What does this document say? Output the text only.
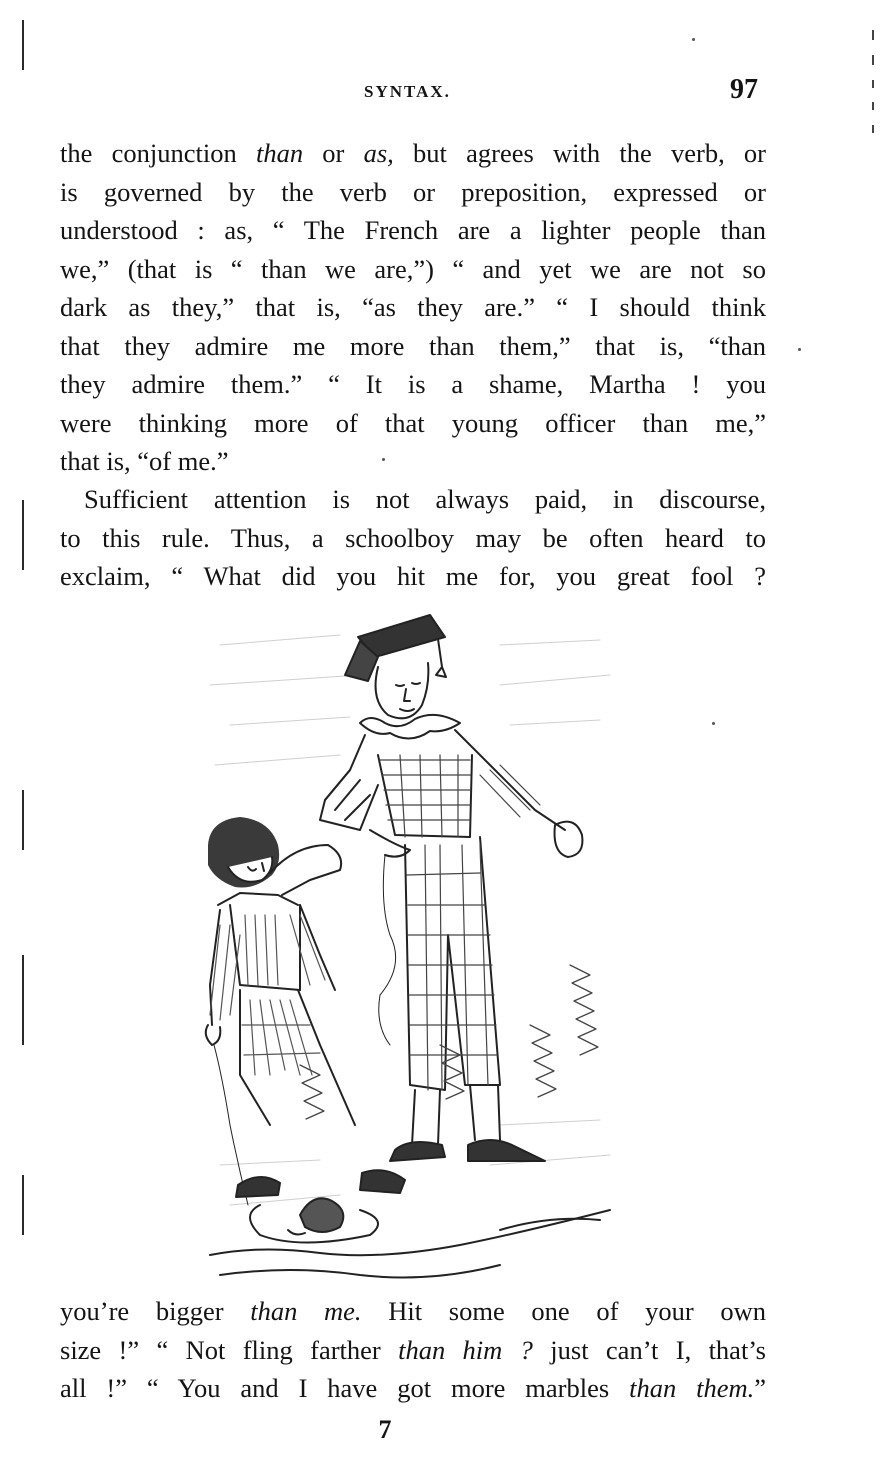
SYNTAX.	97
the conjunction than or as, but agrees with the verb, or
is governed by the verb or preposition, expressed or
understood : as, “ The French are a lighter people than
we,” (that is “ than we are,”) “ and yet we are not so
dark as they,” that is, “as they are.” “ I should think
that they admire me more than them,” that is, “than
they admire them.” “ It is a shame, Martha ! you
were thinking more of that young officer than me,”
that is, “of me.”
Sufficient attention is not always paid, in discourse,
to this rule. Thus, a schoolboy may be often heard to
exclaim, “ What did you hit me for, you great fool ?
you’re bigger than me. Hit some one of your own
size !” “ Not fling farther than him ? just can’t I, that’s
all !” “ You and I have got more marbles than them.”
7
